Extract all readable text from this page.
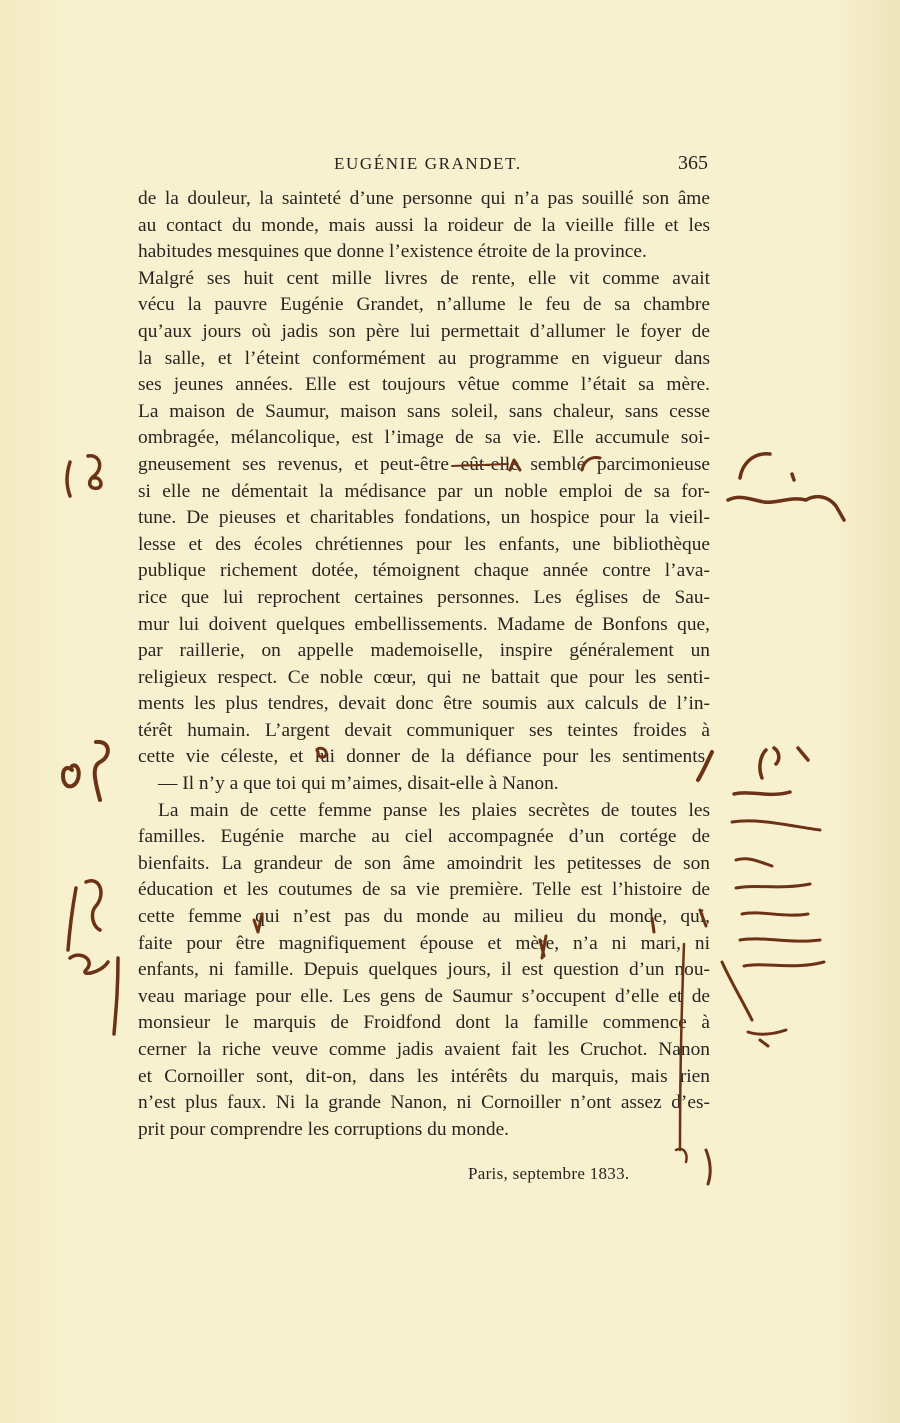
EUGÉNIE GRANDET.	365
de la douleur, la sainteté d’une personne qui n’a pas souillé son âme
au contact du monde, mais aussi la roideur de la vieille fille et les
habitudes mesquines que donne l’existence étroite de la province.
Malgré ses huit cent mille livres de rente, elle vit comme avait
vécu la pauvre Eugénie Grandet, n’allume le feu de sa chambre
qu’aux jours où jadis son père lui permettait d’allumer le foyer de
la salle, et l’éteint conformément au programme en vigueur dans
ses jeunes années. Elle est toujours vêtue comme l’était sa mère.
La maison de Saumur, maison sans soleil, sans chaleur, sans cesse
ombragée, mélancolique, est l’image de sa vie. Elle accumule soi-
gneusement ses revenus, et peut-être eût-elle semblé parcimonieuse
si elle ne démentait la médisance par un noble emploi de sa for-
tune. De pieuses et charitables fondations, un hospice pour la vieil-
lesse et des écoles chrétiennes pour les enfants, une bibliothèque
publique richement dotée, témoignent chaque année contre l’ava-
rice que lui reprochent certaines personnes. Les églises de Sau-
mur lui doivent quelques embellissements. Madame de Bonfons que,
par raillerie, on appelle mademoiselle, inspire généralement un
religieux respect. Ce noble cœur, qui ne battait que pour les senti-
ments les plus tendres, devait donc être soumis aux calculs de l’in-
térêt humain. L’argent devait communiquer ses teintes froides à
cette vie céleste, et lui donner de la défiance pour les sentiments.
— Il n’y a que toi qui m’aimes, disait-elle à Nanon.
La main de cette femme panse les plaies secrètes de toutes les
familles. Eugénie marche au ciel accompagnée d’un cortége de
bienfaits. La grandeur de son âme amoindrit les petitesses de son
éducation et les coutumes de sa vie première. Telle est l’histoire de
cette femme qui n’est pas du monde au milieu du monde, qui,
faite pour être magnifiquement épouse et mère, n’a ni mari, ni
enfants, ni famille. Depuis quelques jours, il est question d’un nou-
veau mariage pour elle. Les gens de Saumur s’occupent d’elle et de
monsieur le marquis de Froidfond dont la famille commence à
cerner la riche veuve comme jadis avaient fait les Cruchot. Nanon
et Cornoiller sont, dit-on, dans les intérêts du marquis, mais rien
n’est plus faux. Ni la grande Nanon, ni Cornoiller n’ont assez d’es-
prit pour comprendre les corruptions du monde.
Paris, septembre 1833.
